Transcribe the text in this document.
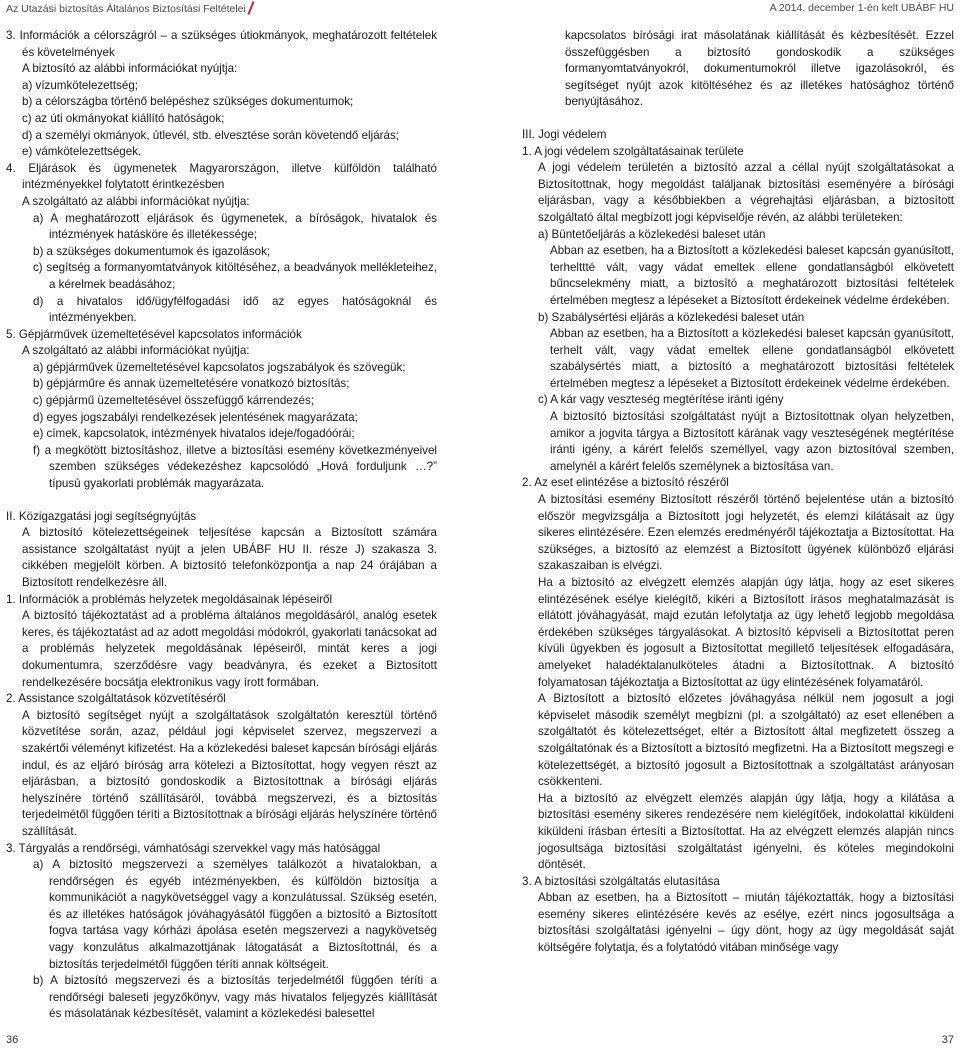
Az Utazási biztosítás Általános Biztosítási Feltételei	A 2014. december 1-én kelt UBÁBF HU

3. Információk a célországról – a szükséges útiokmányok, meghatározott feltételek és követelmények

A biztosító az alábbi információkat nyújtja:

a) vízumkötelezettség;

b) a célországba történő belépéshez szükséges dokumentumok;

c) az úti okmányokat kiállító hatóságok;

d) a személyi okmányok, útlevél, stb. elvesztése során követendő eljárás;

e) vámkötelezettségek.

4. Eljárások és ügymenetek Magyarországon, illetve külföldön található intézményekkel folytatott érintkezésben

A szolgáltató az alábbi információkat nyújtja:

a) A meghatározott eljárások és ügymenetek, a bíróságok, hivatalok és intézmények hatásköre és illetékessége;

b) a szükséges dokumentumok és igazolások;

c) segítség a formanyomtatványok kitöltéséhez, a beadványok mellékleteihez, a kérelmek beadásához;

d) a hivatalos idő/ügyfélfogadási idő az egyes hatóságoknál és intézményekben.

5. Gépjárművek üzemeltetésével kapcsolatos információk

A szolgáltató az alábbi információkat nyújtja:

a) gépjárművek üzemeltetésével kapcsolatos jogszabályok és szövegük;

b) gépjárműre és annak üzemeltetésére vonatkozó biztosítás;

c) gépjármű üzemeltetésével összefüggő kárrendezés;

d) egyes jogszabályi rendelkezések jelentésének magyarázata;

e) címek, kapcsolatok, intézmények hivatalos ideje/fogadóórái;

f) a megkötött biztosításhoz, illetve a biztosítási esemény következményeivel szemben szükséges védekezéshez kapcsolódó „Hová forduljunk …?” típusú gyakorlati problémák magyarázata.

II. Közigazgatási jogi segítségnyújtás

A biztosító kötelezettségeinek teljesítése kapcsán a Biztosított számára assistance szolgáltatást nyújt a jelen UBÁBF HU II. része J) szakasza 3. cikkében megjelölt körben. A biztosító telefonközpontja a nap 24 órájában a Biztosított rendelkezésre áll.

1. Információk a problémás helyzetek megoldásainak lépéseiről

A biztosító tájékoztatást ad a probléma általános megoldásáról, analóg esetek keres, és tájékoztatást ad az adott megoldási módokról, gyakorlati tanácsokat ad a problémás helyzetek megoldásának lépéseiről, mintát keres a jogi dokumentumra, szerződésre vagy beadványra, és ezeket a Biztosított rendelkezésére bocsátja elektronikus vagy írott formában.

2. Assistance szolgáltatások közvetítéséről

A biztosító segítséget nyújt a szolgáltatások szolgáltatón keresztül történő közvetítése során, azaz, például jogi képviselet szervez, megszervezi a szakértői véleményt kifizetést. Ha a közlekedési baleset kapcsán bírósági eljárás indul, és az eljáró bíróság arra kötelezi a Biztosítottat, hogy vegyen részt az eljárásban, a biztosító gondoskodik a Biztosítottnak a bírósági eljárás helyszínére történő szállításáról, továbbá megszervezi, és a biztosítás terjedelmétől függően téríti a Biztosítottnak a bírósági eljárás helyszínére történő szállítását.

3. Tárgyalás a rendőrségi, vámhatósági szervekkel vagy más hatósággal

a) A biztosító megszervezi a személyes találkozót a hivatalokban, a rendőrségen és egyéb intézményekben, és külföldön biztosítja a kommunikációt a nagykövetséggel vagy a konzulátussal. Szükség esetén, és az illetékes hatóságok jóváhagyásától függően a biztosító a Biztosított fogva tartása vagy kórházi ápolása esetén megszervezi a nagykövetség vagy konzulátus alkalmazottjának látogatását a Biztosítottnál, és a biztosítás terjedelmétől függően téríti annak költségeit.

b) A biztosító megszervezi és a biztosítás terjedelmétől függően téríti a rendőrségi baleseti jegyzőkönyv, vagy más hivatalos feljegyzés kiállítását és másolatának kézbesítését, valamint a közlekedési balesettel

kapcsolatos bírósági irat másolatának kiállítását és kézbesítését. Ezzel összefüggésben a biztosító gondoskodik a szükséges formanyomtatványokról, dokumentumokról illetve igazolásokról, és segítséget nyújt azok kitöltéséhez és az illetékes hatósághoz történő benyújtásához.

III. Jogi védelem

1. A jogi védelem szolgáltatásainak területe

A jogi védelem területén a biztosító azzal a céllal nyújt szolgáltatásokat a Biztosítottnak, hogy megoldást találjanak biztosítási eseményére a bírósági eljárásban, vagy a későbbiekben a végrehajtási eljárásban, a biztosított szolgáltató által megbízott jogi képviselője révén, az alábbi területeken:

a) Büntetőeljárás a közlekedési baleset után

Abban az esetben, ha a Biztosított a közlekedési baleset kapcsán gyanúsított, terhelttté vált, vagy vádat emeltek ellene gondatlanságból elkövetett bűncselekmény miatt, a biztosító a meghatározott biztosítási feltételek értelmében megtesz a lépéseket a Biztosított érdekeinek védelme érdekében.

b) Szabálysértési eljárás a közlekedési baleset után

Abban az esetben, ha a Biztosított a közlekedési baleset kapcsán gyanúsított, terhelt vált, vagy vádat emeltek ellene gondatlanságból elkövetett szabálysértés miatt, a biztosító a meghatározott biztosítási feltételek értelmében megtesz a lépéseket a Biztosított érdekeinek védelme érdekében.

c) A kár vagy veszteség megtérítése iránti igény

A biztosító biztosítási szolgáltatást nyújt a Biztosítottnak olyan helyzetben, amikor a jogvita tárgya a Biztosított kárának vagy veszteségének megtérítése iránti igény, a kárért felelős személlyel, vagy azon biztosítóval szemben, amelynél a kárért felelős személynek a biztosítása van.

2. Az eset elintézése a biztosító részéről

A biztosítási esemény Biztosított részéről történő bejelentése után a biztosító először megvizsgálja a Biztosított jogi helyzetét, és elemzi kilátásait az ügy sikeres elintézésére. Ezen elemzés eredményéről tájékoztatja a Biztosítottat. Ha szükséges, a biztosító az elemzést a Biztosított ügyének különböző eljárási szakaszaiban is elvégzi.

Ha a biztosító az elvégzett elemzés alapján úgy látja, hogy az eset sikeres elintézésének esélye kielégítő, kikéri a Biztosított írásos meghatalmazását is ellátott jóváhagyását, majd ezután lefolytatja az ügy lehető legjobb megoldása érdekében szükséges tárgyalásokat. A biztosító képviseli a Biztosítottat peren kívüli ügyekben és jogosult a Biztosítottat megillető teljesítések elfogadására, amelyeket haladéktalanulköteles átadni a Biztosítottnak. A biztosító folyamatosan tájékoztatja a Biztosítottat az ügy elintézésének folyamatáról.

A Biztosított a biztosító előzetes jóváhagyása nélkül nem jogosult a jogi képviselet második személyt megbízni (pl. a szolgáltató) az eset ellenében a szolgáltatót és kötelezettséget, eltér a Biztosított által megfizetett összeg a szolgáltatónak és a Biztosított a biztosító megfizetni. Ha a Biztosított megszegi e kötelezettségét, a biztosító jogosult a Biztosítottnak a szolgáltatást arányosan csökkenteni.

Ha a biztosító az elvégzett elemzés alapján úgy látja, hogy a kilátása a biztosítási esemény sikeres rendezésére nem kielégítőek, indokolattal kiküldeni kiküldeni írásban értesíti a Biztosítottat. Ha az elvégzett elemzés alapján nincs jogosultsága biztosítási szolgáltatást igényelni, és köteles megindokolni döntését.

3. A biztosítási szolgáltatás elutasítása

Abban az esetben, ha a Biztosított – miután tájékoztatták, hogy a biztosítási esemény sikeres elintézésére kevés az esélye, ezért nincs jogosultsága a biztosítási szolgáltatási igényelni – úgy dönt, hogy az ügy megoldását saját költségére folytatja, és a folytatódó vitában minősége vagy

36	37
